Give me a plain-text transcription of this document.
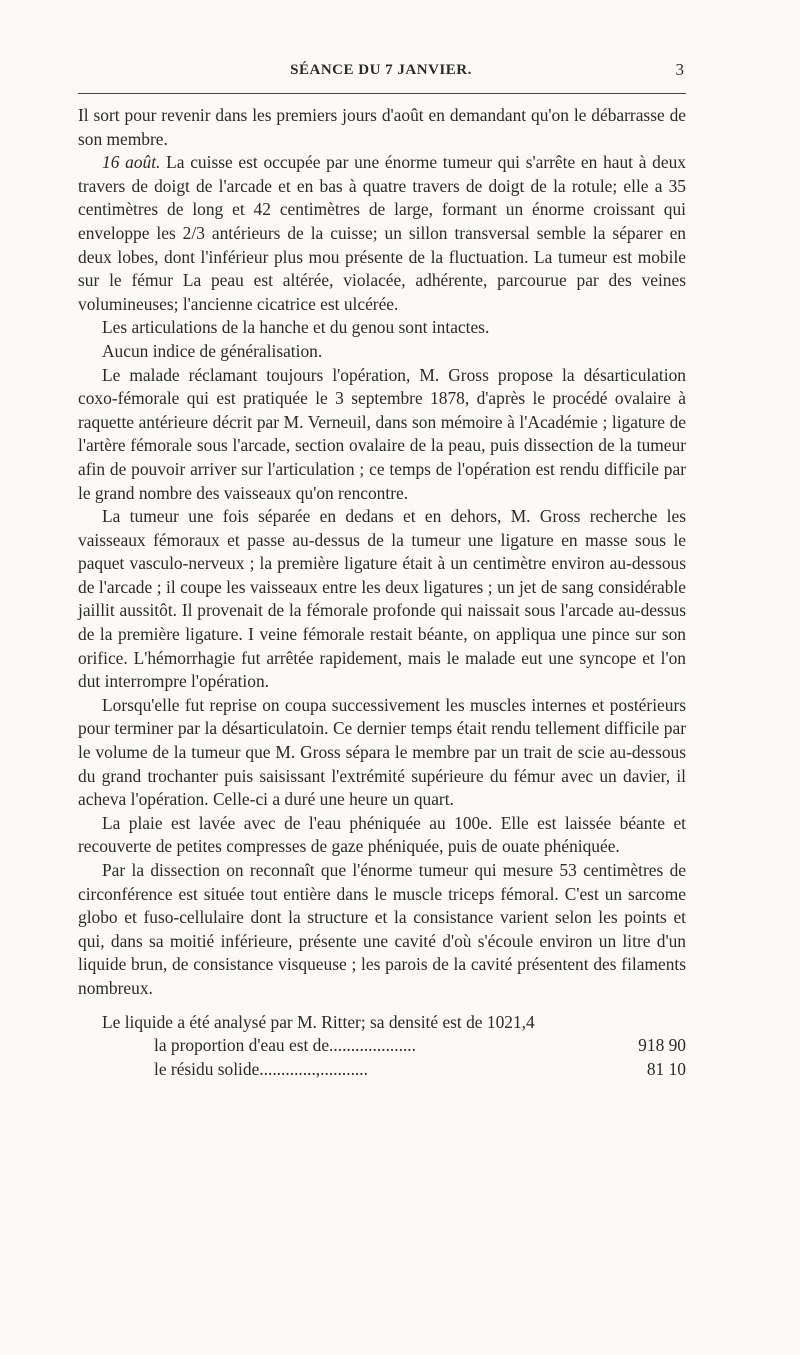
SÉANCE DU 7 JANVIER.	3

Il sort pour revenir dans les premiers jours d'août en demandant qu'on le débarrasse de son membre.

16 août. La cuisse est occupée par une énorme tumeur qui s'arrête en haut à deux travers de doigt de l'arcade et en bas à quatre travers de doigt de la rotule; elle a 35 centimètres de long et 42 centimètres de large, formant un énorme croissant qui enveloppe les 2/3 antérieurs de la cuisse; un sillon transversal semble la séparer en deux lobes, dont l'inférieur plus mou présente de la fluctuation. La tumeur est mobile sur le fémur La peau est altérée, violacée, adhérente, parcourue par des veines volumineuses; l'ancienne cicatrice est ulcérée.

Les articulations de la hanche et du genou sont intactes.

Aucun indice de généralisation.

Le malade réclamant toujours l'opération, M. Gross propose la désarticulation coxo-fémorale qui est pratiquée le 3 septembre 1878, d'après le procédé ovalaire à raquette antérieure décrit par M. Verneuil, dans son mémoire à l'Académie ; ligature de l'artère fémorale sous l'arcade, section ovalaire de la peau, puis dissection de la tumeur afin de pouvoir arriver sur l'articulation ; ce temps de l'opération est rendu difficile par le grand nombre des vaisseaux qu'on rencontre.

La tumeur une fois séparée en dedans et en dehors, M. Gross recherche les vaisseaux fémoraux et passe au-dessus de la tumeur une ligature en masse sous le paquet vasculo-nerveux ; la première ligature était à un centimètre environ au-dessous de l'arcade ; il coupe les vaisseaux entre les deux ligatures ; un jet de sang considérable jaillit aussitôt. Il provenait de la fémorale profonde qui naissait sous l'arcade au-dessus de la première ligature. I veine fémorale restait béante, on appliqua une pince sur son orifice. L'hémorrhagie fut arrêtée rapidement, mais le malade eut une syncope et l'on dut interrompre l'opération.

Lorsqu'elle fut reprise on coupa successivement les muscles internes et postérieurs pour terminer par la désarticulatoin. Ce dernier temps était rendu tellement difficile par le volume de la tumeur que M. Gross sépara le membre par un trait de scie au-dessous du grand trochanter puis saisissant l'extrémité supérieure du fémur avec un davier, il acheva l'opération. Celle-ci a duré une heure un quart.

La plaie est lavée avec de l'eau phéniquée au 100e. Elle est laissée béante et recouverte de petites compresses de gaze phéniquée, puis de ouate phéniquée.

Par la dissection on reconnaît que l'énorme tumeur qui mesure 53 centimètres de circonférence est située tout entière dans le muscle triceps fémoral. C'est un sarcome globo et fuso-cellulaire dont la structure et la consistance varient selon les points et qui, dans sa moitié inférieure, présente une cavité d'où s'écoule environ un litre d'un liquide brun, de consistance visqueuse ; les parois de la cavité présentent des filaments nombreux.

Le liquide a été analysé par M. Ritter; sa densité est de 1021,4

la proportion d'eau est de....................	918 90
le résidu solide.............,...........	81 10
